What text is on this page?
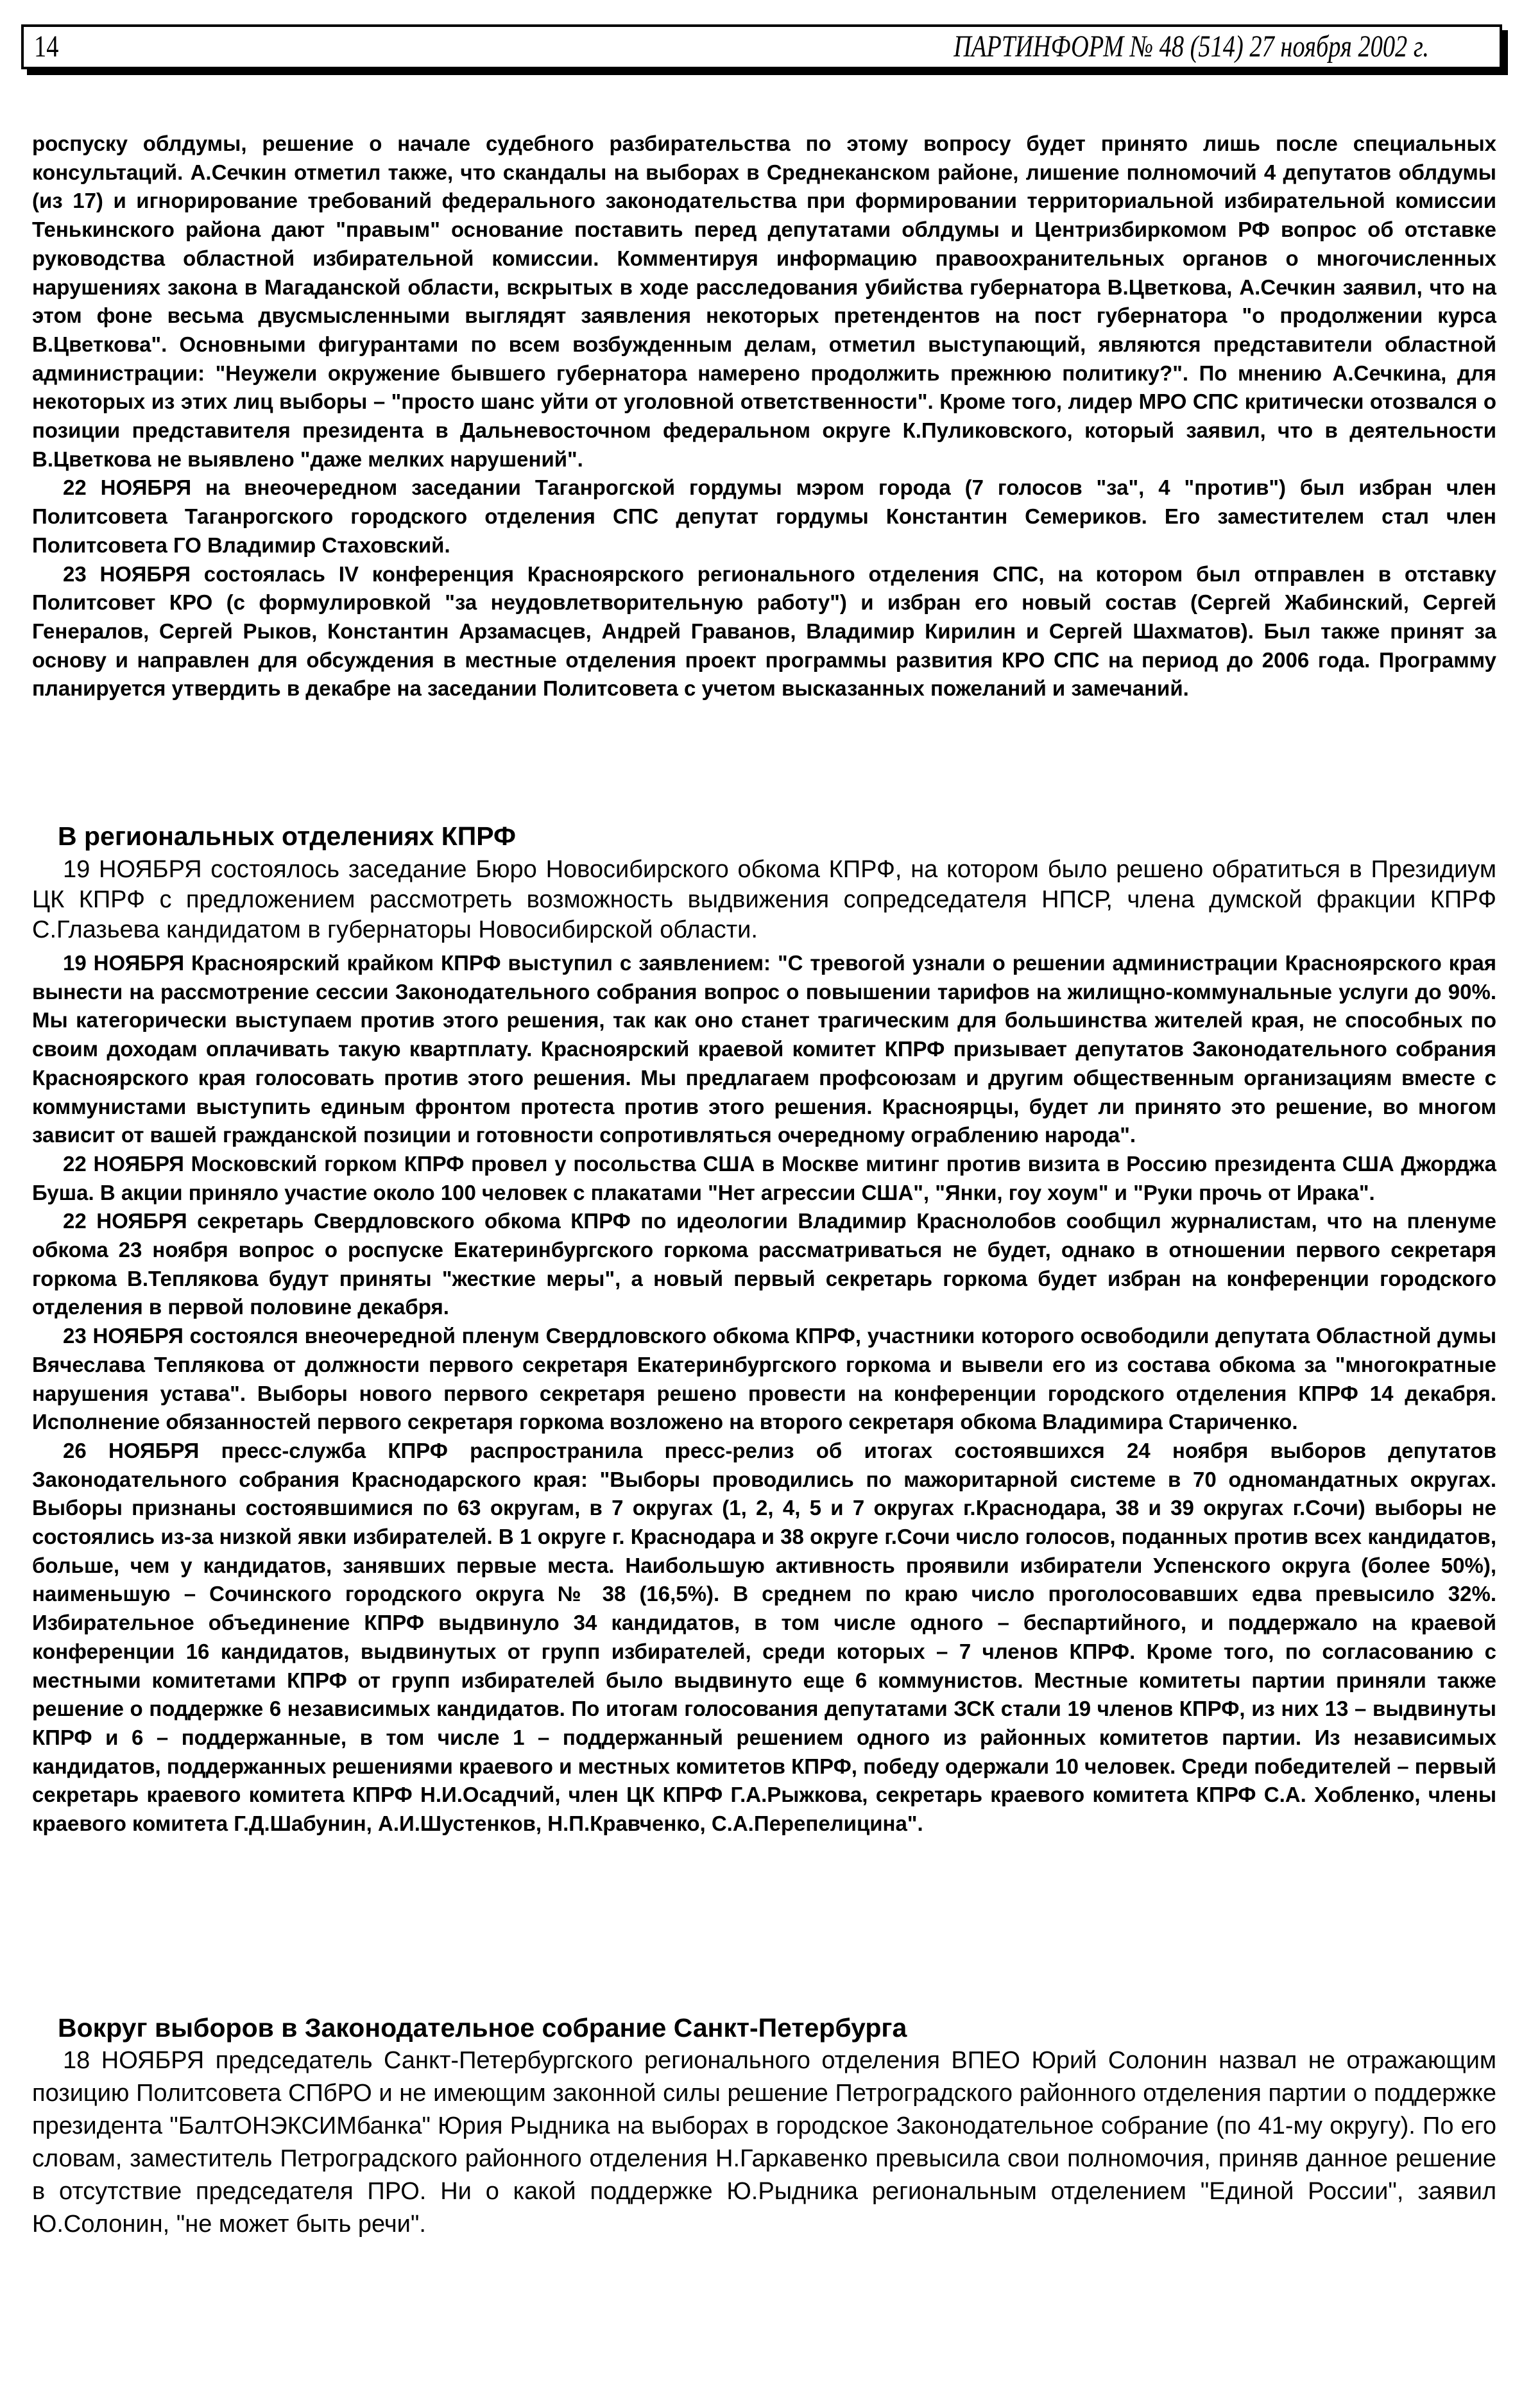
14	ПАРТИНФОРМ № 48 (514) 27 ноября 2002 г.

роспуску облдумы, решение о начале судебного разбирательства по этому вопросу будет принято лишь после специальных консультаций. А.Сечкин отметил также, что скандалы на выборах в Среднеканском районе, лишение полномочий 4 депутатов облдумы (из 17) и игнорирование требований федерального законодательства при формировании территориальной избирательной комиссии Тенькинского района дают "правым" основание поставить перед депутатами облдумы и Центризбиркомом РФ вопрос об отставке руководства областной избирательной комиссии. Комментируя информацию правоохранительных органов о многочисленных нарушениях закона в Магаданской области, вскрытых в ходе расследования убийства губернатора В.Цветкова, А.Сечкин заявил, что на этом фоне весьма двусмысленными выглядят заявления некоторых претендентов на пост губернатора "о продолжении курса В.Цветкова". Основными фигурантами по всем возбужденным делам, отметил выступающий, являются представители областной администрации: "Неужели окружение бывшего губернатора намерено продолжить прежнюю политику?". По мнению А.Сечкина, для некоторых из этих лиц выборы – "просто шанс уйти от уголовной ответственности". Кроме того, лидер МРО СПС критически отозвался о позиции представителя президента в Дальневосточном федеральном округе К.Пуликовского, который заявил, что в деятельности В.Цветкова не выявлено "даже мелких нарушений".

22 НОЯБРЯ на внеочередном заседании Таганрогской гордумы мэром города (7 голосов "за", 4 "против") был избран член Политсовета Таганрогского городского отделения СПС депутат гордумы Константин Семериков. Его заместителем стал член Политсовета ГО Владимир Стаховский.

23 НОЯБРЯ состоялась IV конференция Красноярского регионального отделения СПС, на котором был отправлен в отставку Политсовет КРО (с формулировкой "за неудовлетворительную работу") и избран его новый состав (Сергей Жабинский, Сергей Генералов, Сергей Рыков, Константин Арзамасцев, Андрей Граванов, Владимир Кирилин и Сергей Шахматов). Был также принят за основу и направлен для обсуждения в местные отделения проект программы развития КРО СПС на период до 2006 года. Программу планируется утвердить в декабре на заседании Политсовета с учетом высказанных пожеланий и замечаний.

В региональных отделениях КПРФ

19 НОЯБРЯ состоялось заседание Бюро Новосибирского обкома КПРФ, на котором было решено обратиться в Президиум ЦК КПРФ с предложением рассмотреть возможность выдвижения сопредседателя НПСР, члена думской фракции КПРФ С.Глазьева кандидатом в губернаторы Новосибирской области.

19 НОЯБРЯ Красноярский крайком КПРФ выступил с заявлением: "С тревогой узнали о решении администрации Красноярского края вынести на рассмотрение сессии Законодательного собрания вопрос о повышении тарифов на жилищно-коммунальные услуги до 90%. Мы категорически выступаем против этого решения, так как оно станет трагическим для большинства жителей края, не способных по своим доходам оплачивать такую квартплату. Красноярский краевой комитет КПРФ призывает депутатов Законодательного собрания Красноярского края голосовать против этого решения. Мы предлагаем профсоюзам и другим общественным организациям вместе с коммунистами выступить единым фронтом протеста против этого решения. Красноярцы, будет ли принято это решение, во многом зависит от вашей гражданской позиции и готовности сопротивляться очередному ограблению народа".

22 НОЯБРЯ Московский горком КПРФ провел у посольства США в Москве митинг против визита в Россию президента США Джорджа Буша. В акции приняло участие около 100 человек с плакатами "Нет агрессии США", "Янки, гоу хоум" и "Руки прочь от Ирака".

22 НОЯБРЯ секретарь Свердловского обкома КПРФ по идеологии Владимир Краснолобов сообщил журналистам, что на пленуме обкома 23 ноября вопрос о роспуске Екатеринбургского горкома рассматриваться не будет, однако в отношении первого секретаря горкома В.Теплякова будут приняты "жесткие меры", а новый первый секретарь горкома будет избран на конференции городского отделения в первой половине декабря.

23 НОЯБРЯ состоялся внеочередной пленум Свердловского обкома КПРФ, участники которого освободили депутата Областной думы Вячеслава Теплякова от должности первого секретаря Екатеринбургского горкома и вывели его из состава обкома за "многократные нарушения устава". Выборы нового первого секретаря решено провести на конференции городского отделения КПРФ 14 декабря. Исполнение обязанностей первого секретаря горкома возложено на второго секретаря обкома Владимира Стариченко.

26 НОЯБРЯ пресс-служба КПРФ распространила пресс-релиз об итогах состоявшихся 24 ноября выборов депутатов Законодательного собрания Краснодарского края: "Выборы проводились по мажоритарной системе в 70 одномандатных округах. Выборы признаны состоявшимися по 63 округам, в 7 округах (1, 2, 4, 5 и 7 округах г.Краснодара, 38 и 39 округах г.Сочи) выборы не состоялись из-за низкой явки избирателей. В 1 округе г. Краснодара и 38 округе г.Сочи число голосов, поданных против всех кандидатов, больше, чем у кандидатов, занявших первые места. Наибольшую активность проявили избиратели Успенского округа (более 50%), наименьшую – Сочинского городского округа № 38 (16,5%). В среднем по краю число проголосовавших едва превысило 32%. Избирательное объединение КПРФ выдвинуло 34 кандидатов, в том числе одного – беспартийного, и поддержало на краевой конференции 16 кандидатов, выдвинутых от групп избирателей, среди которых – 7 членов КПРФ. Кроме того, по согласованию с местными комитетами КПРФ от групп избирателей было выдвинуто еще 6 коммунистов. Местные комитеты партии приняли также решение о поддержке 6 независимых кандидатов. По итогам голосования депутатами ЗСК стали 19 членов КПРФ, из них 13 – выдвинуты КПРФ и 6 – поддержанные, в том числе 1 – поддержанный решением одного из районных комитетов партии. Из независимых кандидатов, поддержанных решениями краевого и местных комитетов КПРФ, победу одержали 10 человек. Среди победителей – первый секретарь краевого комитета КПРФ Н.И.Осадчий, член ЦК КПРФ Г.А.Рыжкова, секретарь краевого комитета КПРФ С.А. Хобленко, члены краевого комитета Г.Д.Шабунин, А.И.Шустенков, Н.П.Кравченко, С.А.Перепелицина".

Вокруг выборов в Законодательное собрание Санкт-Петербурга

18 НОЯБРЯ председатель Санкт-Петербургского регионального отделения ВПЕО Юрий Солонин назвал не отражающим позицию Политсовета СПбРО и не имеющим законной силы решение Петроградского районного отделения партии о поддержке президента "БалтОНЭКСИМбанка" Юрия Рыдника на выборах в городское Законодательное собрание (по 41-му округу). По его словам, заместитель Петроградского районного отделения Н.Гаркавенко превысила свои полномочия, приняв данное решение в отсутствие председателя ПРО. Ни о какой поддержке Ю.Рыдника региональным отделением "Единой России", заявил Ю.Солонин, "не может быть речи".
